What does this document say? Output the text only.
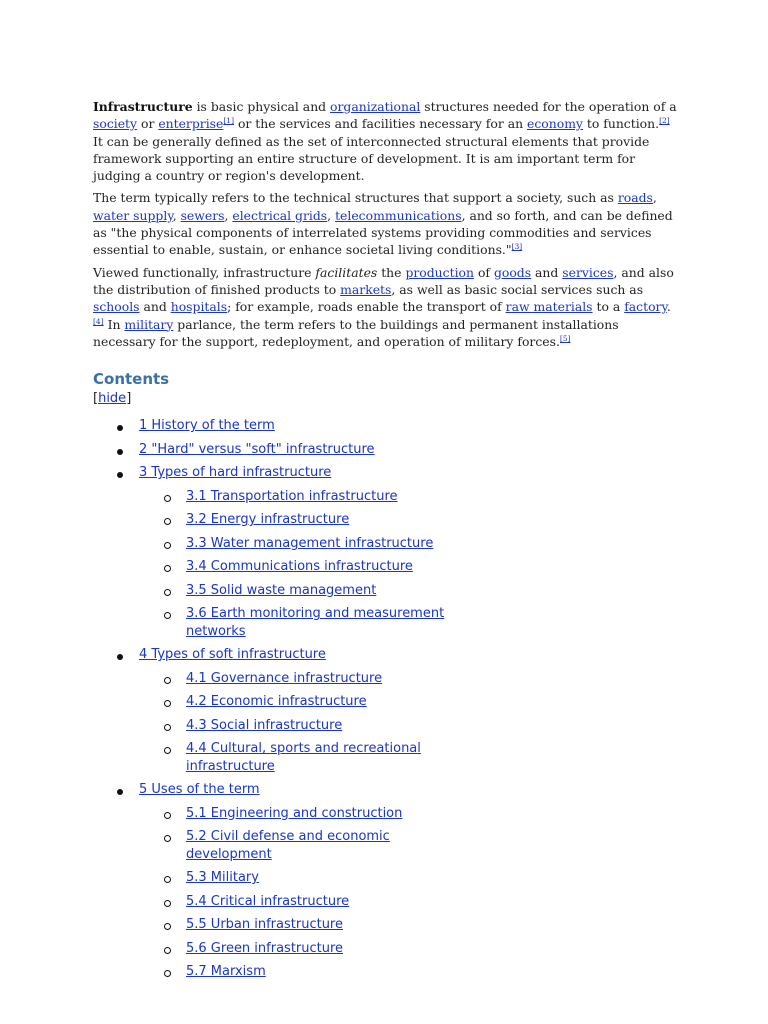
Infrastructure is basic physical and organizational structures needed for the operation of a society or enterprise[1] or the services and facilities necessary for an economy to function.[2] It can be generally defined as the set of interconnected structural elements that provide framework supporting an entire structure of development. It is am important term for judging a country or region's development.

The term typically refers to the technical structures that support a society, such as roads, water supply, sewers, electrical grids, telecommunications, and so forth, and can be defined as "the physical components of interrelated systems providing commodities and services essential to enable, sustain, or enhance societal living conditions."[3]

Viewed functionally, infrastructure facilitates the production of goods and services, and also the distribution of finished products to markets, as well as basic social services such as schools and hospitals; for example, roads enable the transport of raw materials to a factory.[4] In military parlance, the term refers to the buildings and permanent installations necessary for the support, redeployment, and operation of military forces.[5]

Contents
[hide]
1 History of the term
2 "Hard" versus "soft" infrastructure
3 Types of hard infrastructure
3.1 Transportation infrastructure
3.2 Energy infrastructure
3.3 Water management infrastructure
3.4 Communications infrastructure
3.5 Solid waste management
3.6 Earth monitoring and measurement networks
4 Types of soft infrastructure
4.1 Governance infrastructure
4.2 Economic infrastructure
4.3 Social infrastructure
4.4 Cultural, sports and recreational infrastructure
5 Uses of the term
5.1 Engineering and construction
5.2 Civil defense and economic development
5.3 Military
5.4 Critical infrastructure
5.5 Urban infrastructure
5.6 Green infrastructure
5.7 Marxism
